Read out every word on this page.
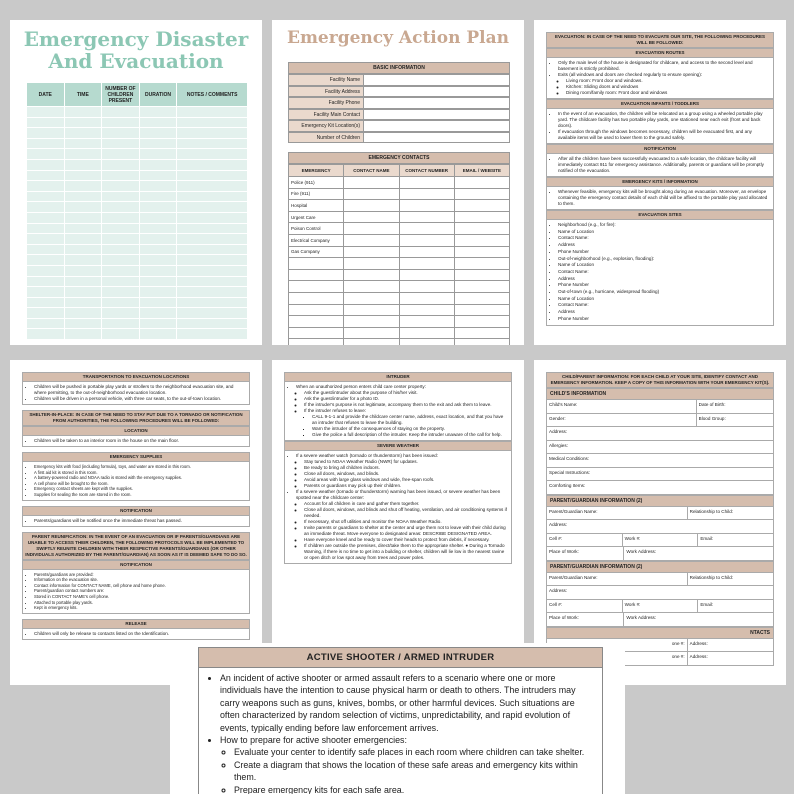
Emergency Disaster And Evacuation
DATE	TIME	NUMBER OF CHILDREN PRESENT	DURATION	NOTES / COMMENTS

Emergency Action Plan
BASIC INFORMATION
Facility Name
Facility Address
Facility Phone
Facility Main Contact
Emergency Kit Location(s)
Number of Children
EMERGENCY CONTACTS
EMERGENCY	CONTACT NAME	CONTACT NUMBER	EMAIL / WEBSITE
Police (911)			
Fire (911)			
Hospital			
Urgent Care			
Poison Control			
Electrical Company			
Gas Company			

EVACUATION: IN CASE OF THE NEED TO EVACUATE OUR SITE, THE FOLLOWING PROCEDURES WILL BE FOLLOWED:
EVACUATION ROUTES
• Only the main level of the house is designated for childcare, and access to the second level and basement is strictly prohibited.
• Exits (all windows and doors are checked regularly to ensure opening):
◦ Living room: Front door and windows.
◦ Kitchen: Sliding doors and windows
◦ Dining room/family room: Front door and windows
EVACUATION INFANTS / TODDLERS
• In the event of an evacuation, the children will be relocated as a group using a wheeled portable play yard. The childcare facility has two portable play yards, one stationed near each exit (front and back doors).
• If evacuation through the windows becomes necessary, children will be evacuated first, and any available items will be used to lower them to the ground safely.
NOTIFICATION
• After all the children have been successfully evacuated to a safe location, the childcare facility will immediately contact 911 for emergency assistance. Additionally, parents or guardians will be promptly notified of the evacuation.
EMERGENCY KITS / INFORMATION
• Whenever feasible, emergency kits will be brought along during an evacuation. Moreover, an envelope containing the emergency contact details of each child will be affixed to the portable play yard allocated to them.
EVACUATION SITES
• Neighborhood (e.g., for fire):
• Name of Location
• Contact Name:
• Address
• Phone Number
• Out-of-neighborhood (e.g., explosion, flooding):
• Name of Location
• Contact Name:
• Address
• Phone Number
• Out-of-town (e.g., hurricane, widespread flooding)
• Name of Location
• Contact Name:
• Address
• Phone Number
TRANSPORTATION TO EVACUATION LOCATIONS
• Children will be pushed in portable play yards or strollers to the neighborhood evacuation site, and where permitting, to the out-of-neighborhood evacuation location.
• Children will be driven in a personal vehicle, with three car seats, to the out-of-town location.
SHELTER-IN-PLACE: IN CASE OF THE NEED TO STAY PUT DUE TO A TORNADO OR NOTIFICATION FROM AUTHORITIES, THE FOLLOWING PROCEDURES WILL BE FOLLOWED:
LOCATION
• Children will be taken to an interior room in the house on the main floor.
EMERGENCY SUPPLIES
• Emergency kits with food (including formula), toys, and water are stored in this room.
• A first aid kit is stored in this room.
• A battery-powered radio and NOAA radio is stored with the emergency supplies.
• A cell phone will be brought to the room.
• Emergency contact sheets are kept with the supplies.
• Supplies for sealing the room are stored in the room.
NOTIFICATION
• Parents/guardians will be notified once the immediate threat has passed.
PARENT REUNIFICATION: IN THE EVENT OF AN EVACUATION OR IF PARENTS/GUARDIANS ARE UNABLE TO ACCESS THEIR CHILDREN, THE FOLLOWING PROTOCOLS WILL BE IMPLEMENTED TO SWIFTLY REUNITE CHILDREN WITH THEIR RESPECTIVE PARENTS/GUARDIANS (OR OTHER INDIVIDUALS AUTHORIZED BY THE PARENT/GUARDIAN) AS SOON AS IT IS DEEMED SAFE TO DO SO.
NOTIFICATION
• Parents/guardians are provided:
• Information on the evacuation site.
• Contact information for CONTACT NAME, cell phone and home phone.
• Parent/guardian contact numbers are:
• Stored in CONTACT NAME's cell phone.
• Attached to portable play yards.
• Kept in emergency kits.
RELEASE
• Children will only be release to contacts listed on the Identification.
INTRUDER
• When an unauthorized person enters child care center property:
◦ Ask the guest/intruder about the purpose of his/her visit.
◦ Ask the guest/intruder for a photo ID.
◦ If the intruder's purpose is not legitimate, accompany them to the exit and ask them to leave.
◦ If the intruder refuses to leave:
▪ CALL 9-1-1 and provide the childcare center name, address, exact location, and that you have an intruder that refuses to leave the building.
▪ Warn the intruder of the consequences of staying on the property.
▪ Give the police a full description of the intruder. Keep the intruder unaware of the call for help.
SEVERE WEATHER
• If a severe weather watch (tornado or thunderstorm) has been issued:
◦ Stay tuned to NOAA Weather Radio (NWR) for updates.
◦ Be ready to bring all children indoors.
◦ Close all doors, windows, and blinds.
◦ Avoid areas with large glass windows and wide, free-span roofs.
◦ Parents or guardians may pick up their children.
• If a severe weather (tornado or thunderstorm) warning has been issued, or severe weather has been spotted near the childcare center:
◦ Account for all children in care and gather them together.
◦ Close all doors, windows, and blinds and shut off heating, ventilation, and air conditioning systems if needed.
◦ If necessary, shut off utilities and monitor the NOAA Weather Radio.
◦ Invite parents or guardians to shelter at the center and urge them not to leave with their child during an immediate threat. Move everyone to designated areas: DESCRIBE DESIGNATED AREA.
◦ Have everyone kneel and be ready to cover their heads to protect from debris, if necessary.
◦ If children are outside the premises, direct/take them to the appropriate shelter. ● During a Tornado Warning, if there is no time to get into a building or shelter, children will lie low in the nearest ravine or open ditch or low spot away from trees and power poles.
CHILD/PARENT INFORMATION: FOR EACH CHILD AT YOUR SITE, IDENTIFY CONTACT AND EMERGENCY INFORMATION. KEEP A COPY OF THIS INFORMATION WITH YOUR EMERGENCY KIT(S).
CHILD'S INFORMATION
Child's Name:	Date of Birth:
Gender:	Blood Group:
Address:
Allergies:
Medical Conditions:
Special Instructions:
Comforting Items:
PARENT/GUARDIAN INFORMATION (2)
Parent/Guardian Name:	Relationship to Child:
Address:
Cell #:	Work #:	Email:
Place of Work:	Work Address:
PARENT/GUARDIAN INFORMATION (2)
Parent/Guardian Name:	Relationship to Child:
Address:
Cell #:	Work #:	Email:
Place of Work:	Work Address:
NTACTS
one #:	Address:
one #:	Address:
ACTIVE SHOOTER / ARMED INTRUDER
• An incident of active shooter or armed assault refers to a scenario where one or more individuals have the intention to cause physical harm or death to others. The intruders may carry weapons such as guns, knives, bombs, or other harmful devices. Such situations are often characterized by random selection of victims, unpredictability, and rapid evolution of events, typically ending before law enforcement arrives.
• How to prepare for active shooter emergencies:
◦ Evaluate your center to identify safe places in each room where children can take shelter.
◦ Create a diagram that shows the location of these safe areas and emergency kits within them.
◦ Prepare emergency kits for each safe area.
